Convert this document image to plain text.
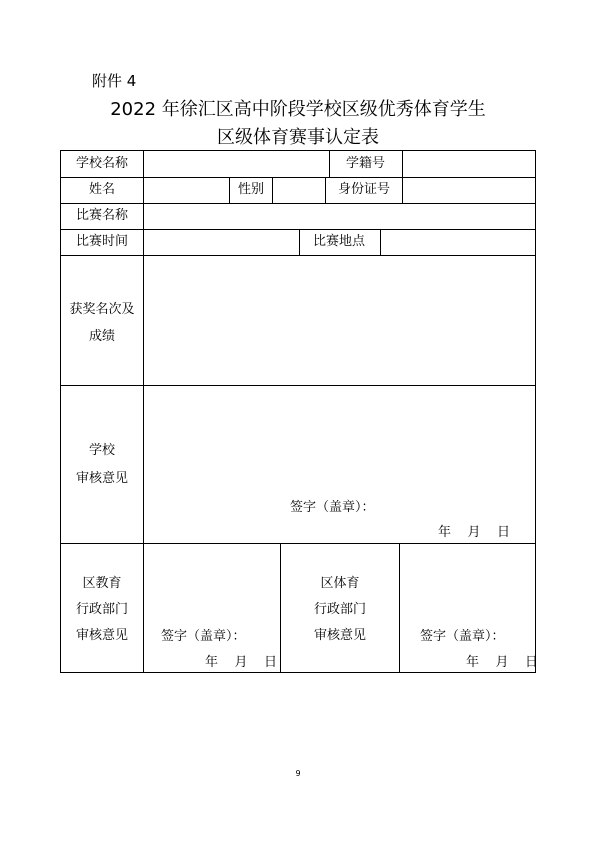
附件 4
2022 年徐汇区高中阶段学校区级优秀体育学生
区级体育赛事认定表
学校名称	学籍号
姓名	性别	身份证号
比赛名称
比赛时间	比赛地点
获奖名次及
成绩
学校
审核意见
签字（盖章）：
年    月    日
区教育
行政部门
审核意见	签字（盖章）：
年    月    日
区体育
行政部门
审核意见	签字（盖章）：
年    月    日
9
